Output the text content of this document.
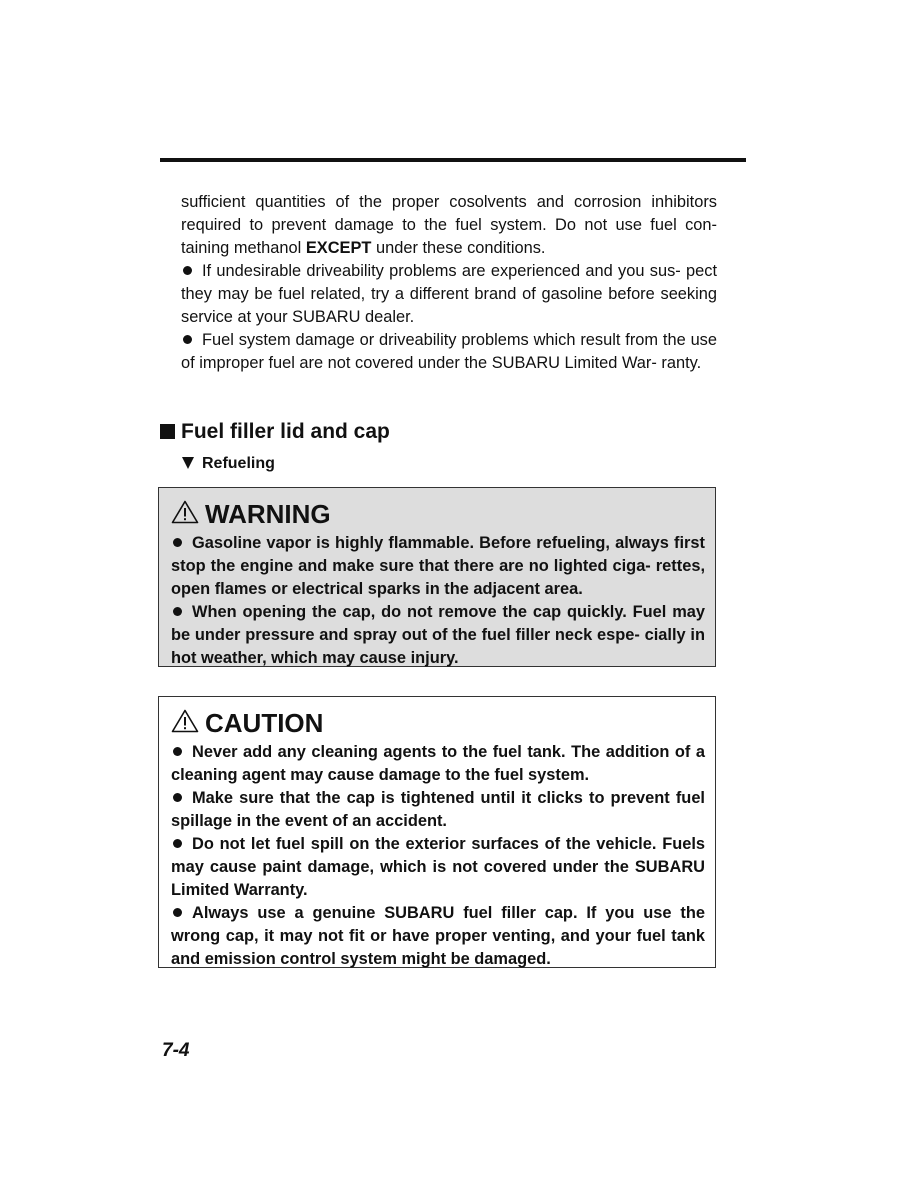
sufficient quantities of the proper cosolvents and corrosion inhibitors required to prevent damage to the fuel system. Do not use fuel con- taining methanol EXCEPT under these conditions.

If undesirable driveability problems are experienced and you sus- pect they may be fuel related, try a different brand of gasoline before seeking service at your SUBARU dealer.

Fuel system damage or driveability problems which result from the use of improper fuel are not covered under the SUBARU Limited War- ranty.

Fuel filler lid and cap
Refueling
WARNING

Gasoline vapor is highly flammable. Before refueling, always first stop the engine and make sure that there are no lighted ciga- rettes, open flames or electrical sparks in the adjacent area.

When opening the cap, do not remove the cap quickly. Fuel may be under pressure and spray out of the fuel filler neck espe- cially in hot weather, which may cause injury.

CAUTION

Never add any cleaning agents to the fuel tank. The addition of a cleaning agent may cause damage to the fuel system.

Make sure that the cap is tightened until it clicks to prevent fuel spillage in the event of an accident.

Do not let fuel spill on the exterior surfaces of the vehicle. Fuels may cause paint damage, which is not covered under the SUBARU Limited Warranty.

Always use a genuine SUBARU fuel filler cap. If you use the wrong cap, it may not fit or have proper venting, and your fuel tank and emission control system might be damaged.

7-4
